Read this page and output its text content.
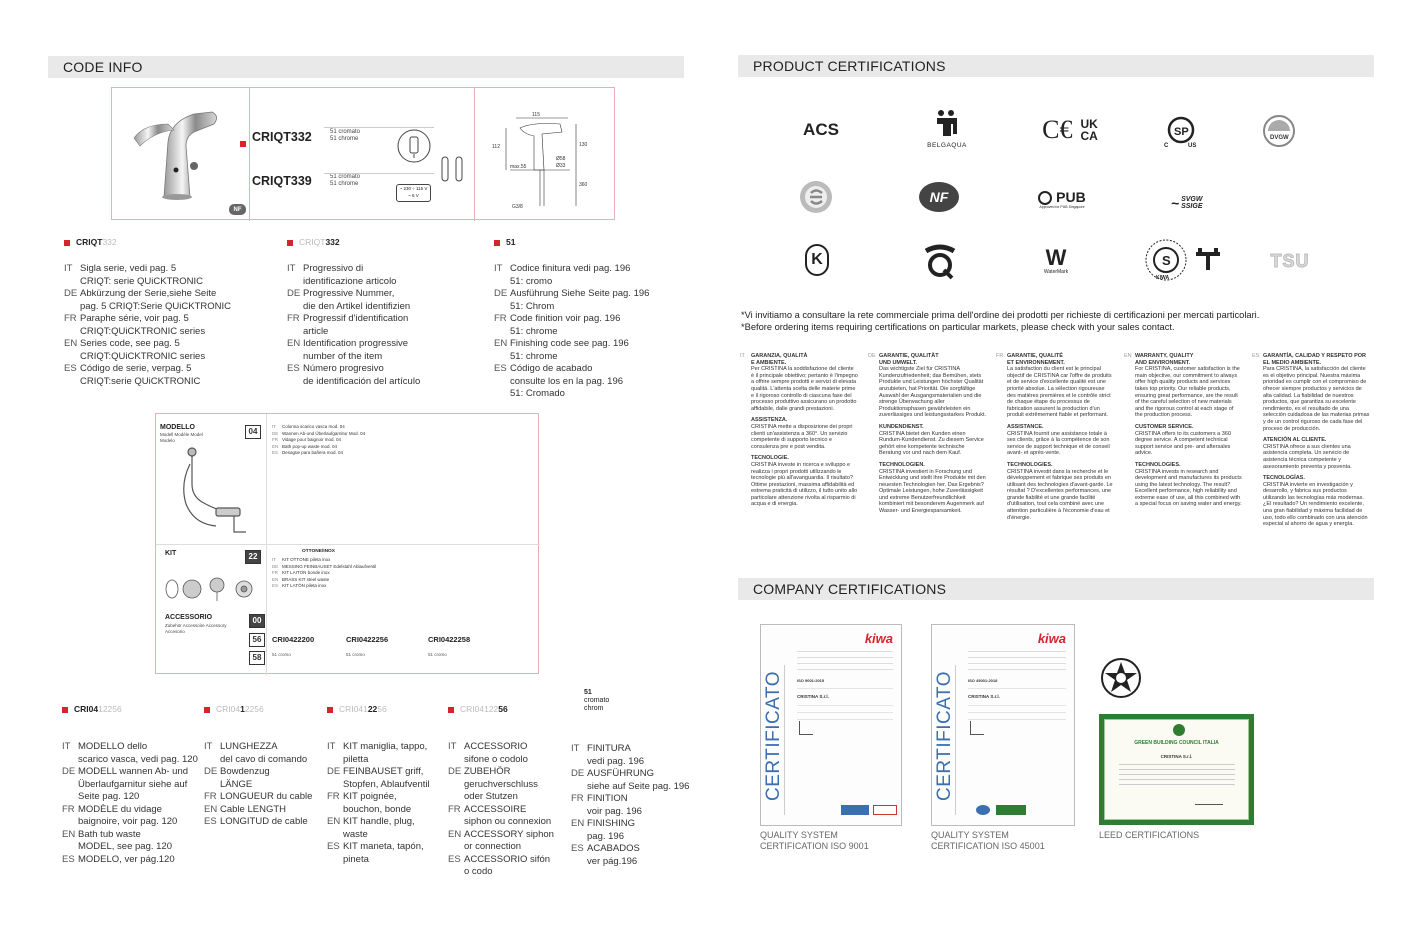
CODE INFO
NF
CRIQT332	51 cromato
51 chrome
CRIQT339	51 cromato
51 chrome
~ 230 ÷ 115 V
~ 6 V
115
130
112
max.55
Ø58
Ø33
360
G3/8
CRIQT332
IT Sigla serie, vedi pag. 5
CRIQT: serie QUiCKTRONIC
DE Abkürzung der Serie,siehe Seite
pag. 5 CRIQT:Serie QUiCKTRONIC
FR Paraphe série, voir pag. 5
CRIQT:QUiCKTRONIC series
EN Series code, see pag. 5
CRIQT:QUiCKTRONIC series
ES Código de serie, verpag. 5
CRIQT:serie QUiCKTRONIC
CRIQT332
IT Progressivo di
identificazione articolo
DE Progressive Nummer,
die den Artikel identifizien
FR Progressif d'identification
article
EN Identification progressive
number of the item
ES Número progresivo
de identificación del artículo
51
IT Codice finitura vedi pag. 196
51: cromo
DE Ausführung Siehe Seite pag. 196
51: Chrom
FR Code finition voir pag. 196
51: chrome
EN Finishing code see pag. 196
51: chrome
ES Código de acabado
consulte los en la pag. 196
51: Cromado
MODELLO
Modell Modèle Model
Modelo
04
IT Colonna scarico vasca mod. 04
DE Wannen Ab-und Überlaufgarnitur Mod. 04
FR Vidage pour baignoir mod. 04
EN Bath pop-up waste mod. 04
ES Desagüe para bañera mod. 04
KIT	22
OTTONE/INOX
IT KIT OTTONE pileta inox
DE MESSING FEINBAUSET Edelstahl Ablaufventil
FR KIT LAITON bonde inox
EN BRASS KIT steel waste
ES KIT LATÓN pileta inox
ACCESSORIO
Zubehör Accessoire Accessory
Accesorio
00
56
58
CRI0422200
51 cromo
CRI0422256
51 cromo
CRI0422258
51 cromo
CRI0412256
IT MODELLO dello
scarico vasca, vedi pag. 120
DE MODELL wannen Ab- und
Überlaufgarnitur siehe auf
Seite pag. 120
FR MODÈLE du vidage
baignoire, voir pag. 120
EN Bath tub waste
MODEL, see pag. 120
ES MODELO, ver pág.120
CRI0412256
IT LUNGHEZZA
del cavo di comando
DE Bowdenzug
LÄNGE
FR LONGUEUR du cable
EN Cable LENGTH
ES LONGITUD de cable
CRI0412256
IT KIT maniglia, tappo,
piletta
DE FEINBAUSET griff,
Stopfen, Ablaufventil
FR KIT poignée,
bouchon, bonde
EN KIT handle, plug,
waste
ES KIT maneta, tapón,
pineta
CRI0412256
IT ACCESSORIO
sifone o codolo
DE ZUBEHÖR
geruchverschluss
oder Stutzen
FR ACCESSOIRE
siphon ou connexion
EN ACCESSORY siphon
or connection
ES ACCESSORIO sifón
o codo
51
cromato
chrom
IT FINITURA
vedi pag. 196
DE AUSFÜHRUNG
siehe auf Seite pag. 196
FR FINITION
voir pag. 196
EN FINISHING
pag. 196
ES ACABADOS
ver pág.196
PRODUCT CERTIFICATIONS
ACS
BELGAQUA
C€ UK
CA	SP
C	US
DVGW
NF	PUB
Approved for PUB Singapore	~ SVGW SSIGE
K	W
WaterMark
S
KIWA
TSU
*Vi invitiamo a consultare la rete commerciale prima dell'ordine dei prodotti per richieste di certificazioni per mercati particolari.
*Before ordering items requiring certifications on particular markets, please check with your sales contact.
IT	GARANZIA, QUALITÀ
E AMBIENTE.
Per CRISTINA la soddisfazione del cliente è il principale obiettivo; pertanto è l'impegno a offrire sempre prodotti e servizi di elevata qualità. L'attenta scelta delle materie prime e il rigoroso controllo di ciascuna fase del processo produttivo assicurano un prodotto affidabile, dalle grandi prestazioni.
ASSISTENZA.
CRISTINA mette a disposizione dei propri clienti un'assistenza a 360°. Un servizio competente di supporto tecnico e consulenza pre e post vendita.
TECNOLOGIE.
CRISTINA investe in ricerca e sviluppo e realizza i propri prodotti utilizzando le tecnologie più all'avanguardia. Il risultato? Ottime prestazioni, massima affidabilità ed estrema praticità di utilizzo, il tutto unito allo particolare attenzione rivolta al risparmio di acqua e di energia.
DE GARANTIE, QUALITÄT
UND UMWELT.
Das wichtigste Ziel für CRISTINA Kundenzufriedenheit; das Bemühen, stets Produkte und Leistungen höchster Qualität anzubieten, hat Priorität. Die sorgfältige Auswahl der Ausgangsmaterialien und die strenge Überwachung aller Produktionsphasen gewährleisten ein zuverlässiges und leistungsstarkes Produkt.
KUNDENDIENST.
CRISTINA bietet den Kunden einen Rundum-Kundendienst. Zu diesem Service gehört eine kompetente technische Beratung vor und nach dem Kauf.
TECHNOLOGIEN.
CRISTINA investiert in Forschung und Entwicklung und stellt ihre Produkte mit den neuesten Technologien her. Das Ergebnis? Optimale Leistungen, hohe Zuverlässigkeit und extreme Benutzerfreundlichkeit kombiniert mit besonderem Augenmerk auf Wasser- und Energiesparsamkeit.
FR GARANTIE, QUALITÉ
ET ENVIRONNEMENT.
La satisfaction du client est le principal objectif de CRISTINA car l'offre de produits et de service d'excellente qualité est une priorité absolue. La sélection rigoureuse des matières premières et le contrôle strict de chaque étape du processus de fabrication assurent la production d'un produit extrêmement fiable et performant.
ASSISTANCE.
CRISTINA fournit une assistance totale à ses clients, grâce à la compétence de son service de support technique et de conseil avant- et après-vente.
TECHNOLOGIES.
CRISTINA investit dans la recherche et le développement et fabrique ses produits en utilisant des technologies d'avant-garde. Le résultat ? D'excellentes performances, une grande fiabilité et une grande facilité d'utilisation, tout cela combiné avec une attention particulière à l'économie d'eau et d'énergie.
EN WARRANTY, QUALITY
AND ENVIRONMENT.
For CRISTINA, customer satisfaction is the main objective, our commitment to always offer high quality products and services takes top priority. Our reliable products, ensuring great performance, are the result of the careful selection of new materials and the rigorous control at each stage of the production process.
CUSTOMER SERVICE.
CRISTINA offers to its customers a 360 degree service. A competent technical support service and pre- and aftersales advice.
TECHNOLOGIES.
CRISTINA invests in research and development and manufactures its products using the latest technology. The result? Excellent performance, high reliability and extreme ease of use, all this combined with a special focus on saving water and energy.
ES GARANTÍA, CALIDAD Y RESPETO POR
EL MEDIO AMBIENTE.
Para CRISTINA, la satisfacción del cliente es el objetivo principal. Nuestra máxima prioridad es cumplir con el compromiso de ofrecer siempre productos y servicios de alta calidad. La fiabilidad de nuestros productos, que garantiza su excelente rendimiento, es el resultado de una selección cuidadosa de las materias primas y de un control riguroso de cada fase del proceso de producción.
ATENCIÓN AL CLIENTE.
CRISTINA ofrece a sus clientes una asistencia completa. Un servicio de asistencia técnica competente y asesoramiento preventa y posventa.
TECNOLOGÍAS.
CRISTINA invierte en investigación y desarrollo, y fabrica sus productos utilizando las tecnologías más modernas. ¿El resultado? Un rendimiento excelente, una gran fiabilidad y máxima facilidad de uso, todo ello combinado con una atención especial al ahorro de agua y energía.
COMPANY CERTIFICATIONS
CERTIFICATO
kiwa
ISO 9001:2015
CRISTINA S.r.l.
QUALITY SYSTEM
CERTIFICATION ISO 9001
CERTIFICATO
kiwa
ISO 45001:2018
CRISTINA S.r.l.
QUALITY SYSTEM
CERTIFICATION ISO 45001
GREEN BUILDING COUNCIL ITALIA
CRISTINA S.r.l.
LEED CERTIFICATIONS
